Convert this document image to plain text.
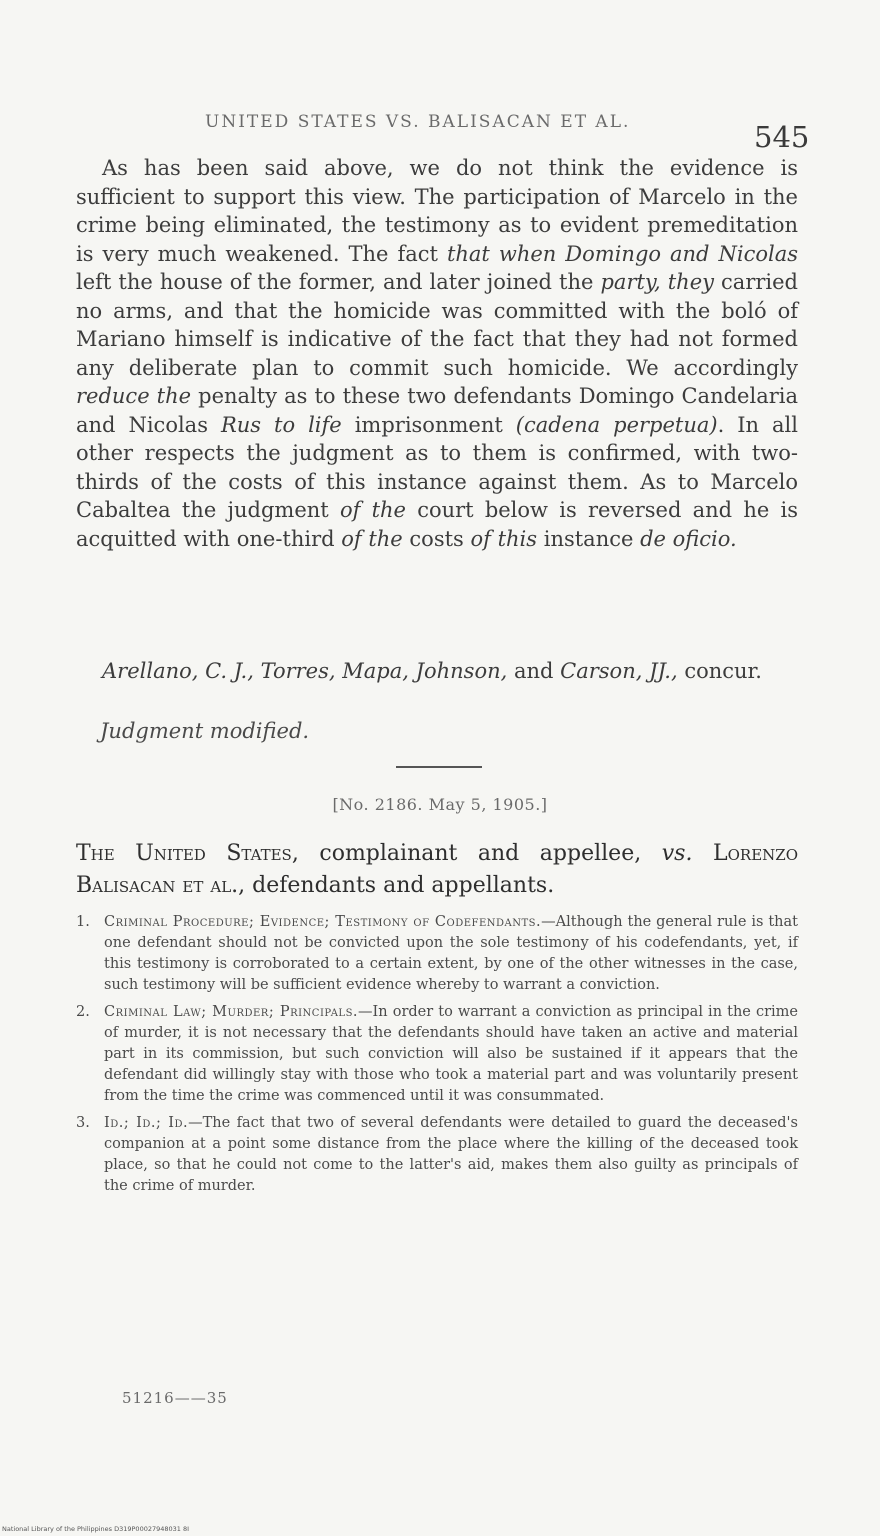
UNITED STATES VS. BALISACAN ET AL.	545
As has been said above, we do not think the evidence is sufficient to support this view. The participation of Marcelo in the crime being eliminated, the testimony as to evident premeditation is very much weakened. The fact that when Domingo and Nicolas left the house of the former, and later joined the party, they carried no arms, and that the homicide was committed with the boló of Mariano himself is indicative of the fact that they had not formed any deliberate plan to commit such homicide. We accordingly reduce the penalty as to these two defendants Domingo Candelaria and Nicolas Rus to life imprisonment (cadena perpetua). In all other respects the judgment as to them is confirmed, with two-thirds of the costs of this instance against them. As to Marcelo Cabaltea the judgment of the court below is reversed and he is acquitted with one-third of the costs of this instance de oficio.
Arellano, C. J., Torres, Mapa, Johnson, and Carson, JJ., concur.
Judgment modified.
[No. 2186. May 5, 1905.]
The United States, complainant and appellee, vs. Lorenzo Balisacan et al., defendants and appellants.
1. Criminal Procedure; Evidence; Testimony of Codefendants.—Although the general rule is that one defendant should not be convicted upon the sole testimony of his codefendants, yet, if this testimony is corroborated to a certain extent, by one of the other witnesses in the case, such testimony will be sufficient evidence whereby to warrant a conviction.
2. Criminal Law; Murder; Principals.—In order to warrant a conviction as principal in the crime of murder, it is not necessary that the defendants should have taken an active and material part in its commission, but such conviction will also be sustained if it appears that the defendant did willingly stay with those who took a material part and was voluntarily present from the time the crime was commenced until it was consummated.
3. Id.; Id.; Id.—The fact that two of several defendants were detailed to guard the deceased's companion at a point some distance from the place where the killing of the deceased took place, so that he could not come to the latter's aid, makes them also guilty as principals of the crime of murder.
51216——35
National Library of the Philippines D319P00027948031 8I
